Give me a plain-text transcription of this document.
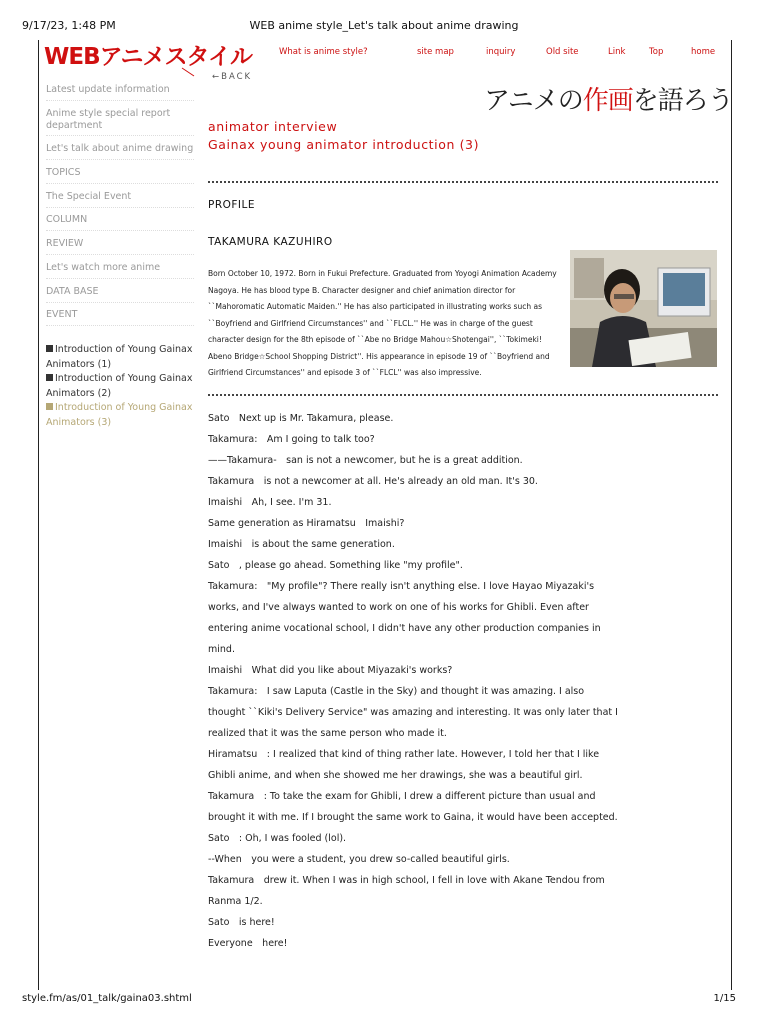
9/17/23, 1:48 PM	WEB anime style_Let's talk about anime drawing
WEBアニメスタイル	What is anime style?	site map	inquiry	Old site	Link	Top	home
←BACK
Latest update information
Anime style special report department
Let's talk about anime drawing
TOPICS
The Special Event
COLUMN
REVIEW
Let's watch more anime
DATA BASE
EVENT
Introduction of Young Gainax Animators (1)
Introduction of Young Gainax Animators (2)
Introduction of Young Gainax Animators (3)
アニメの作画を語ろう
animator interview
Gainax young animator introduction (3)
PROFILE
TAKAMURA KAZUHIRO
Born October 10, 1972. Born in Fukui Prefecture. Graduated from Yoyogi Animation Academy Nagoya. He has blood type B. Character designer and chief animation director for ``Mahoromatic Automatic Maiden.'' He has also participated in illustrating works such as ``Boyfriend and Girlfriend Circumstances'' and ``FLCL.'' He was in charge of the guest character design for the 8th episode of ``Abe no Bridge Mahou☆Shotengai'', ``Tokimeki! Abeno Bridge☆School Shopping District''. His appearance in episode 19 of ``Boyfriend and Girlfriend Circumstances'' and episode 3 of ``FLCL'' was also impressive.

Sato　Next up is Mr. Takamura, please.

Takamura:　Am I going to talk too?

——Takamura-　san is not a newcomer, but he is a great addition.

Takamura　is not a newcomer at all. He's already an old man. It's 30.

Imaishi　Ah, I see. I'm 31.

Same generation as Hiramatsu　Imaishi?

Imaishi　is about the same generation.

Sato　, please go ahead. Something like "my profile".

Takamura:　"My profile"? There really isn't anything else. I love Hayao Miyazaki's works, and I've always wanted to work on one of his works for Ghibli. Even after entering anime vocational school, I didn't have any other production companies in mind.

Imaishi　What did you like about Miyazaki's works?

Takamura:　I saw Laputa (Castle in the Sky) and thought it was amazing. I also thought ``Kiki's Delivery Service" was amazing and interesting. It was only later that I realized that it was the same person who made it.

Hiramatsu　: I realized that kind of thing rather late. However, I told her that I like Ghibli anime, and when she showed me her drawings, she was a beautiful girl.

Takamura　: To take the exam for Ghibli, I drew a different picture than usual and brought it with me. If I brought the same work to Gaina, it would have been accepted.

Sato　: Oh, I was fooled (lol).

--When　you were a student, you drew so-called beautiful girls.

Takamura　drew it. When I was in high school, I fell in love with Akane Tendou from Ranma 1/2.

Sato　is here!

Everyone　here!

style.fm/as/01_talk/gaina03.shtml	1/15
